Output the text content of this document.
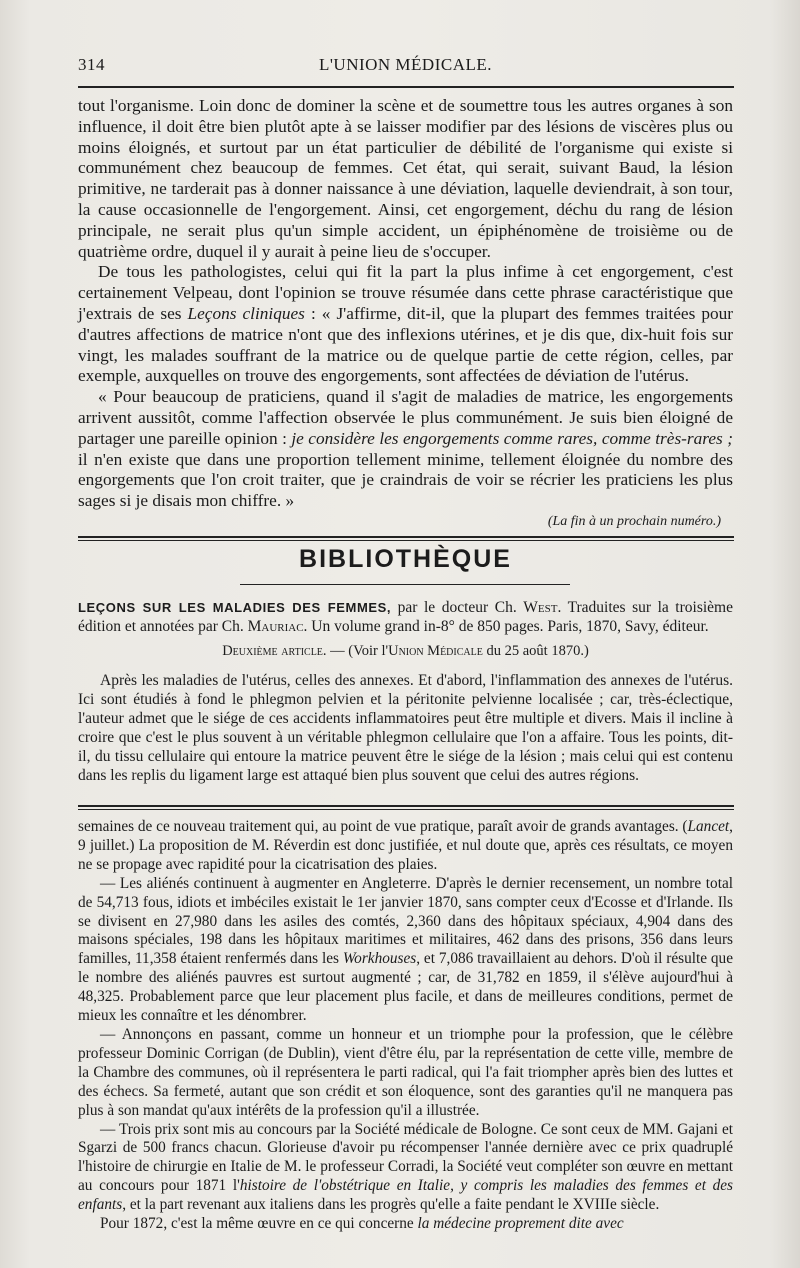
314	L'UNION MÉDICALE.

tout l'organisme. Loin donc de dominer la scène et de soumettre tous les autres organes à son influence, il doit être bien plutôt apte à se laisser modifier par des lésions de viscères plus ou moins éloignés, et surtout par un état particulier de débilité de l'organisme qui existe si communément chez beaucoup de femmes. Cet état, qui serait, suivant Baud, la lésion primitive, ne tarderait pas à donner naissance à une déviation, laquelle deviendrait, à son tour, la cause occasionnelle de l'engorgement. Ainsi, cet engorgement, déchu du rang de lésion principale, ne serait plus qu'un simple accident, un épiphénomène de troisième ou de quatrième ordre, duquel il y aurait à peine lieu de s'occuper.

De tous les pathologistes, celui qui fit la part la plus infime à cet engorgement, c'est certainement Velpeau, dont l'opinion se trouve résumée dans cette phrase caractéristique que j'extrais de ses Leçons cliniques : « J'affirme, dit-il, que la plupart des femmes traitées pour d'autres affections de matrice n'ont que des inflexions utérines, et je dis que, dix-huit fois sur vingt, les malades souffrant de la matrice ou de quelque partie de cette région, celles, par exemple, auxquelles on trouve des engorgements, sont affectées de déviation de l'utérus.

« Pour beaucoup de praticiens, quand il s'agit de maladies de matrice, les engorgements arrivent aussitôt, comme l'affection observée le plus communément. Je suis bien éloigné de partager une pareille opinion : je considère les engorgements comme rares, comme très-rares ; il n'en existe que dans une proportion tellement minime, tellement éloignée du nombre des engorgements que l'on croit traiter, que je craindrais de voir se récrier les praticiens les plus sages si je disais mon chiffre. »

(La fin à un prochain numéro.)
BIBLIOTHÈQUE

LEÇONS SUR LES MALADIES DES FEMMES, par le docteur Ch. West. Traduites sur la troisième édition et annotées par Ch. Mauriac. Un volume grand in-8° de 850 pages. Paris, 1870, Savy, éditeur.

Deuxième article. — (Voir l'Union Médicale du 25 août 1870.)

Après les maladies de l'utérus, celles des annexes. Et d'abord, l'inflammation des annexes de l'utérus. Ici sont étudiés à fond le phlegmon pelvien et la péritonite pelvienne localisée ; car, très-éclectique, l'auteur admet que le siége de ces accidents inflammatoires peut être multiple et divers. Mais il incline à croire que c'est le plus souvent à un véritable phlegmon cellulaire que l'on a affaire. Tous les points, dit-il, du tissu cellulaire qui entoure la matrice peuvent être le siége de la lésion ; mais celui qui est contenu dans les replis du ligament large est attaqué bien plus souvent que celui des autres régions.

semaines de ce nouveau traitement qui, au point de vue pratique, paraît avoir de grands avantages. (Lancet, 9 juillet.) La proposition de M. Réverdin est donc justifiée, et nul doute que, après ces résultats, ce moyen ne se propage avec rapidité pour la cicatrisation des plaies.

— Les aliénés continuent à augmenter en Angleterre. D'après le dernier recensement, un nombre total de 54,713 fous, idiots et imbéciles existait le 1er janvier 1870, sans compter ceux d'Ecosse et d'Irlande. Ils se divisent en 27,980 dans les asiles des comtés, 2,360 dans des hôpitaux spéciaux, 4,904 dans des maisons spéciales, 198 dans les hôpitaux maritimes et militaires, 462 dans des prisons, 356 dans leurs familles, 11,358 étaient renfermés dans les Workhouses, et 7,086 travaillaient au dehors. D'où il résulte que le nombre des aliénés pauvres est surtout augmenté ; car, de 31,782 en 1859, il s'élève aujourd'hui à 48,325. Probablement parce que leur placement plus facile, et dans de meilleures conditions, permet de mieux les connaître et les dénombrer.

— Annonçons en passant, comme un honneur et un triomphe pour la profession, que le célèbre professeur Dominic Corrigan (de Dublin), vient d'être élu, par la représentation de cette ville, membre de la Chambre des communes, où il représentera le parti radical, qui l'a fait triompher après bien des luttes et des échecs. Sa fermeté, autant que son crédit et son éloquence, sont des garanties qu'il ne manquera pas plus à son mandat qu'aux intérêts de la profession qu'il a illustrée.

— Trois prix sont mis au concours par la Société médicale de Bologne. Ce sont ceux de MM. Gajani et Sgarzi de 500 francs chacun. Glorieuse d'avoir pu récompenser l'année dernière avec ce prix quadruplé l'histoire de chirurgie en Italie de M. le professeur Corradi, la Société veut compléter son œuvre en mettant au concours pour 1871 l'histoire de l'obstétrique en Italie, y compris les maladies des femmes et des enfants, et la part revenant aux italiens dans les progrès qu'elle a faite pendant le XVIIIe siècle.

Pour 1872, c'est la même œuvre en ce qui concerne la médecine proprement dite avec
